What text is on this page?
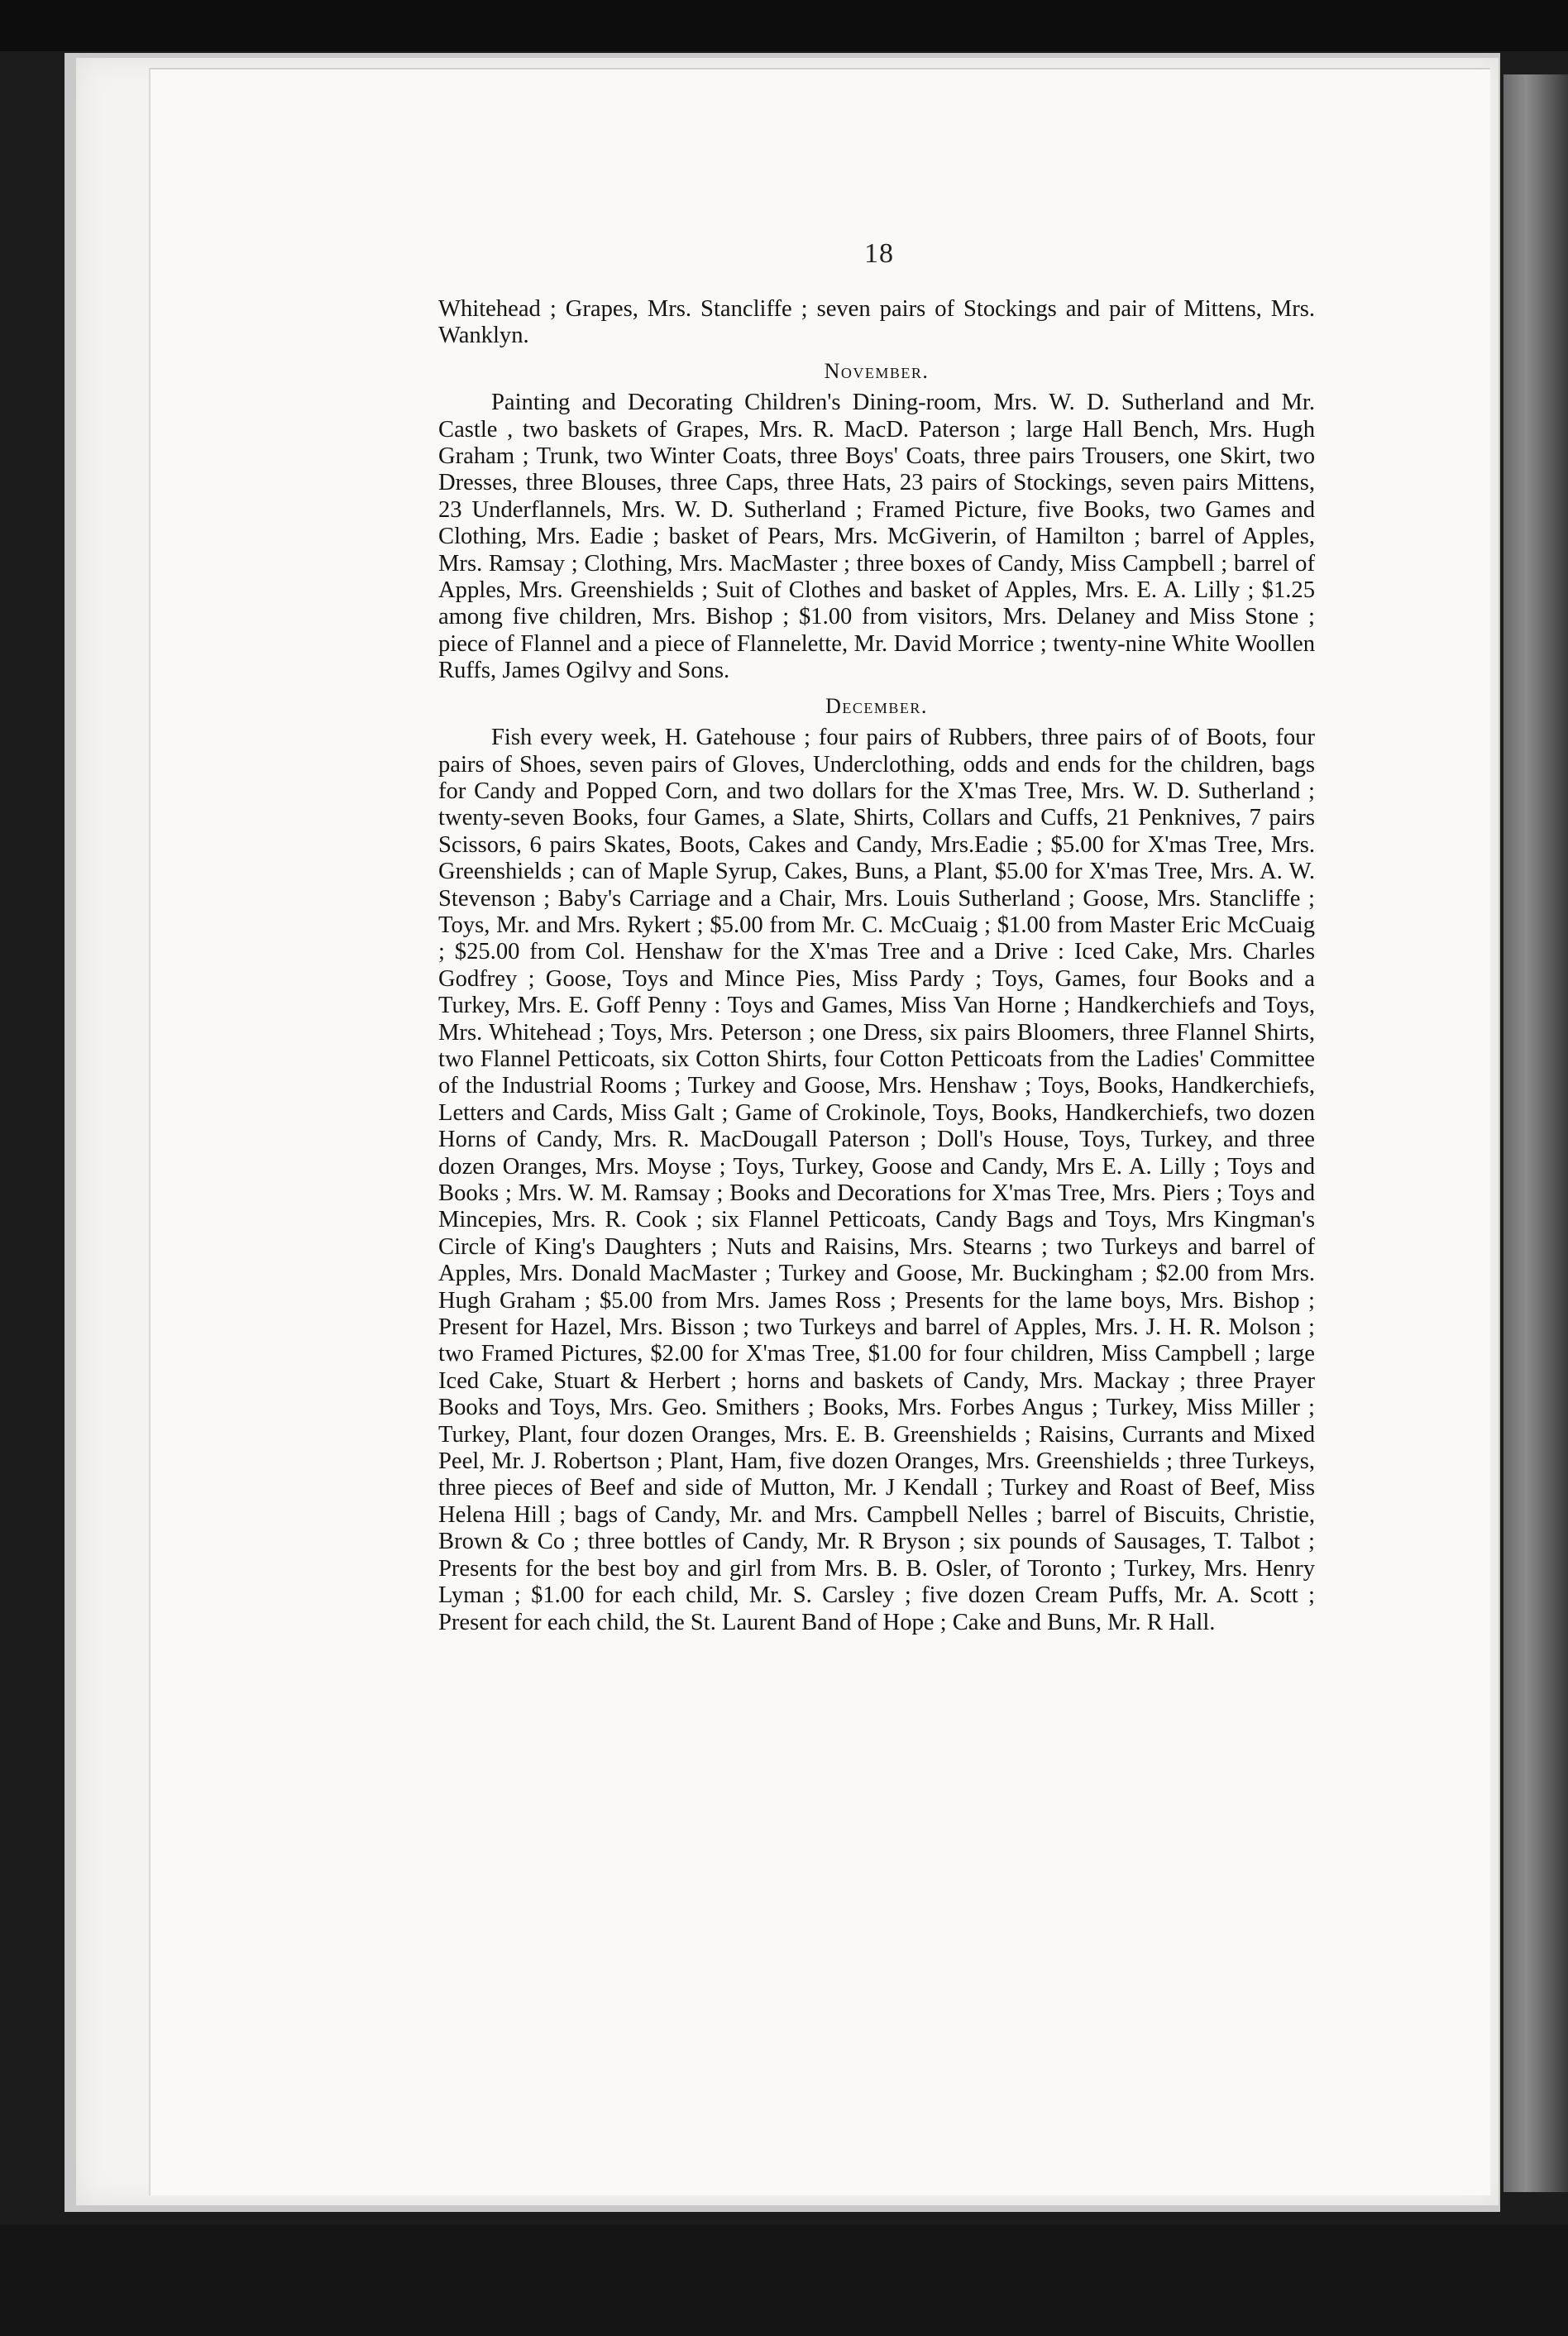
18

Whitehead ; Grapes, Mrs. Stancliffe ; seven pairs of Stockings and pair of Mittens, Mrs. Wanklyn.

November.

Painting and Decorating Children's Dining-room, Mrs. W. D. Sutherland and Mr. Castle , two baskets of Grapes, Mrs. R. MacD. Paterson ; large Hall Bench, Mrs. Hugh Graham ; Trunk, two Winter Coats, three Boys' Coats, three pairs Trousers, one Skirt, two Dresses, three Blouses, three Caps, three Hats, 23 pairs of Stockings, seven pairs Mittens, 23 Underflannels, Mrs. W. D. Sutherland ; Framed Picture, five Books, two Games and Clothing, Mrs. Eadie ; basket of Pears, Mrs. McGiverin, of Hamilton ; barrel of Apples, Mrs. Ramsay ; Clothing, Mrs. MacMaster ; three boxes of Candy, Miss Campbell ; barrel of Apples, Mrs. Greenshields ; Suit of Clothes and basket of Apples, Mrs. E. A. Lilly ; $1.25 among five children, Mrs. Bishop ; $1.00 from visitors, Mrs. Delaney and Miss Stone ; piece of Flannel and a piece of Flannelette, Mr. David Morrice ; twenty-nine White Woollen Ruffs, James Ogilvy and Sons.

December.

Fish every week, H. Gatehouse ; four pairs of Rubbers, three pairs of of Boots, four pairs of Shoes, seven pairs of Gloves, Underclothing, odds and ends for the children, bags for Candy and Popped Corn, and two dollars for the X'mas Tree, Mrs. W. D. Sutherland ; twenty-seven Books, four Games, a Slate, Shirts, Collars and Cuffs, 21 Penknives, 7 pairs Scissors, 6 pairs Skates, Boots, Cakes and Candy, Mrs.Eadie ; $5.00 for X'mas Tree, Mrs. Greenshields ; can of Maple Syrup, Cakes, Buns, a Plant, $5.00 for X'mas Tree, Mrs. A. W. Stevenson ; Baby's Carriage and a Chair, Mrs. Louis Sutherland ; Goose, Mrs. Stancliffe ; Toys, Mr. and Mrs. Rykert ; $5.00 from Mr. C. McCuaig ; $1.00 from Master Eric McCuaig ; $25.00 from Col. Henshaw for the X'mas Tree and a Drive : Iced Cake, Mrs. Charles Godfrey ; Goose, Toys and Mince Pies, Miss Pardy ; Toys, Games, four Books and a Turkey, Mrs. E. Goff Penny : Toys and Games, Miss Van Horne ; Handkerchiefs and Toys, Mrs. Whitehead ; Toys, Mrs. Peterson ; one Dress, six pairs Bloomers, three Flannel Shirts, two Flannel Petticoats, six Cotton Shirts, four Cotton Petticoats from the Ladies' Committee of the Industrial Rooms ; Turkey and Goose, Mrs. Henshaw ; Toys, Books, Handkerchiefs, Letters and Cards, Miss Galt ; Game of Crokinole, Toys, Books, Handkerchiefs, two dozen Horns of Candy, Mrs. R. MacDougall Paterson ; Doll's House, Toys, Turkey, and three dozen Oranges, Mrs. Moyse ; Toys, Turkey, Goose and Candy, Mrs E. A. Lilly ; Toys and Books ; Mrs. W. M. Ramsay ; Books and Decorations for X'mas Tree, Mrs. Piers ; Toys and Mincepies, Mrs. R. Cook ; six Flannel Petticoats, Candy Bags and Toys, Mrs Kingman's Circle of King's Daughters ; Nuts and Raisins, Mrs. Stearns ; two Turkeys and barrel of Apples, Mrs. Donald MacMaster ; Turkey and Goose, Mr. Buckingham ; $2.00 from Mrs. Hugh Graham ; $5.00 from Mrs. James Ross ; Presents for the lame boys, Mrs. Bishop ; Present for Hazel, Mrs. Bisson ; two Turkeys and barrel of Apples, Mrs. J. H. R. Molson ; two Framed Pictures, $2.00 for X'mas Tree, $1.00 for four children, Miss Campbell ; large Iced Cake, Stuart & Herbert ; horns and baskets of Candy, Mrs. Mackay ; three Prayer Books and Toys, Mrs. Geo. Smithers ; Books, Mrs. Forbes Angus ; Turkey, Miss Miller ; Turkey, Plant, four dozen Oranges, Mrs. E. B. Greenshields ; Raisins, Currants and Mixed Peel, Mr. J. Robertson ; Plant, Ham, five dozen Oranges, Mrs. Greenshields ; three Turkeys, three pieces of Beef and side of Mutton, Mr. J Kendall ; Turkey and Roast of Beef, Miss Helena Hill ; bags of Candy, Mr. and Mrs. Campbell Nelles ; barrel of Biscuits, Christie, Brown & Co ; three bottles of Candy, Mr. R Bryson ; six pounds of Sausages, T. Talbot ; Presents for the best boy and girl from Mrs. B. B. Osler, of Toronto ; Turkey, Mrs. Henry Lyman ; $1.00 for each child, Mr. S. Carsley ; five dozen Cream Puffs, Mr. A. Scott ; Present for each child, the St. Laurent Band of Hope ; Cake and Buns, Mr. R Hall.
